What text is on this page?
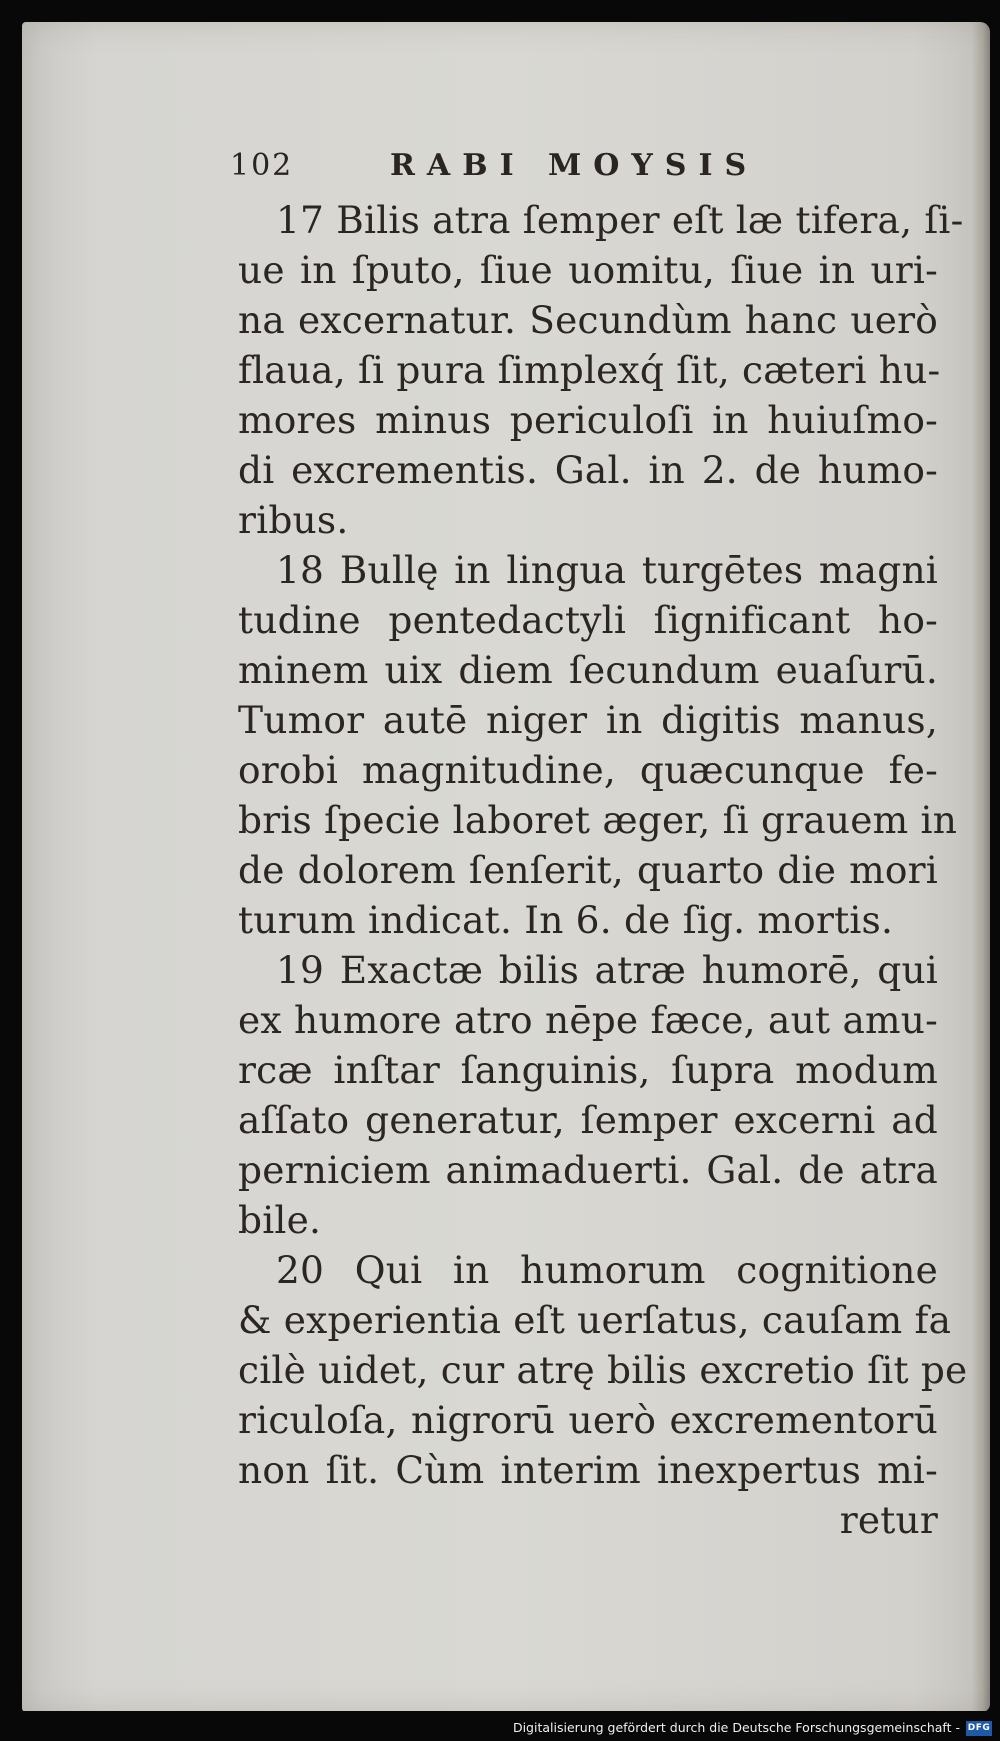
102	RABI MOYSIS
17 Bilis atra ſemper eſt læ tifera, ſi-
ue in ſputo, ſiue uomitu, ſiue in uri-
na excernatur. Secundùm hanc uerò
flaua, ſi pura ſimplexq́ ſit, cæteri hu-
mores minus periculoſi in huiuſmo-
di excrementis. Gal. in 2. de humo-
ribus.
18 Bullę in lingua turgētes magni
tudine pentedactyli ſignificant ho-
minem uix diem ſecundum euaſurū.
Tumor autē niger in digitis manus,
orobi magnitudine, quæcunque fe-
bris ſpecie laboret æger, ſi grauem in
de dolorem ſenſerit, quarto die mori
turum indicat. In 6. de ſig. mortis.
19 Exactæ bilis atræ humorē, qui
ex humore atro nēpe fæce, aut amu-
rcæ inſtar ſanguinis, ſupra modum
aſſato generatur, ſemper excerni ad
perniciem animaduerti. Gal. de atra
bile.
20 Qui in humorum cognitione
& experientia eſt uerſatus, cauſam fa
cilè uidet, cur atrę bilis excretio ſit pe
riculoſa, nigrorū uerò excrementorū
non ſit. Cùm interim inexpertus mi-
retur
Digitalisierung gefördert durch die Deutsche Forschungsgemeinschaft - DFG
